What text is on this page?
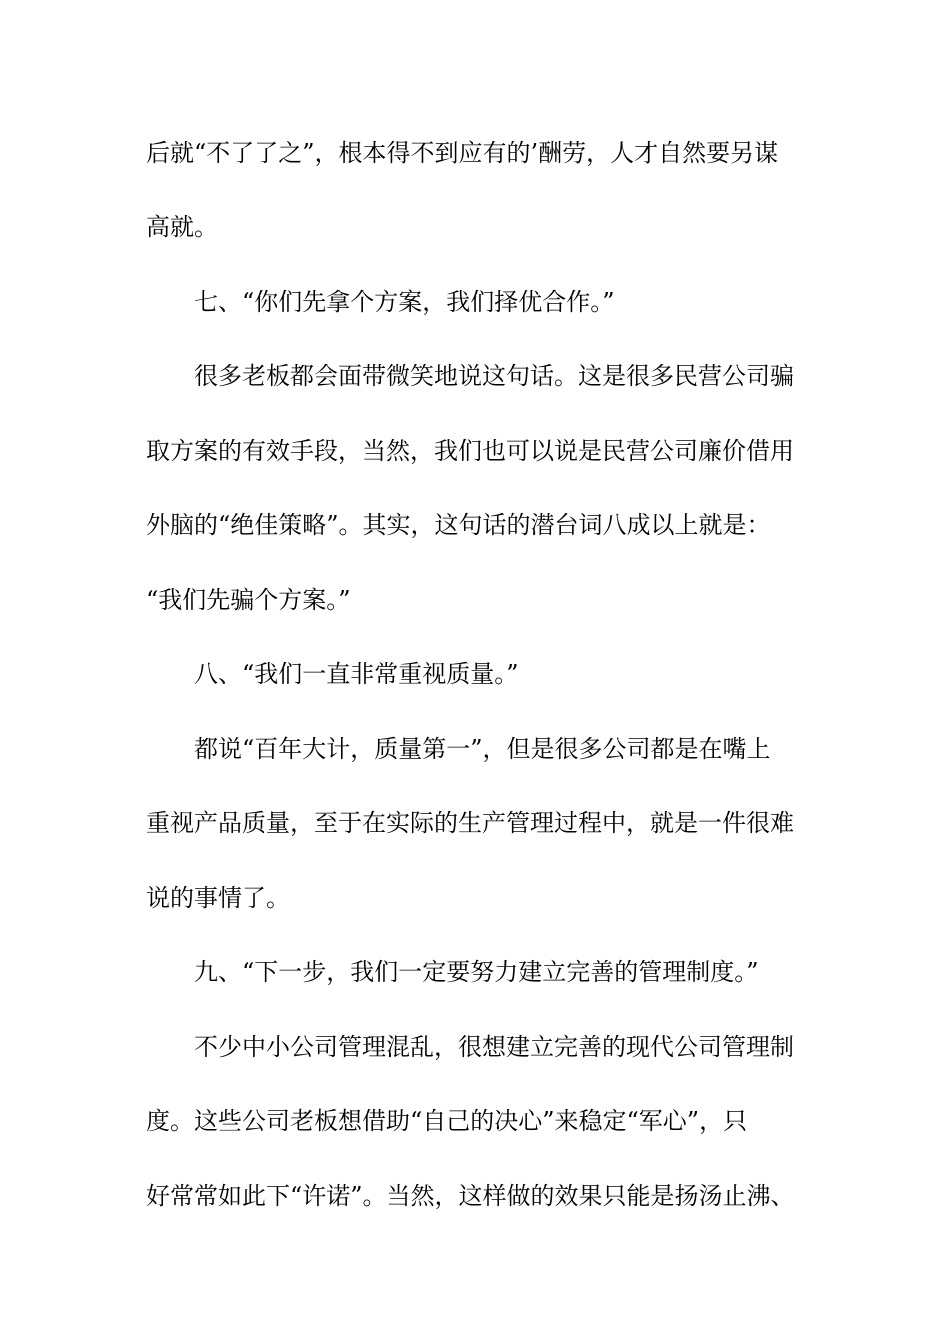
后就“不了了之”，根本得不到应有的’酬劳，人才自然要另谋
高就。
　　七、“你们先拿个方案，我们择优合作。”
　　很多老板都会面带微笑地说这句话。这是很多民营公司骗
取方案的有效手段，当然，我们也可以说是民营公司廉价借用
外脑的“绝佳策略”。其实，这句话的潜台词八成以上就是：
“我们先骗个方案。”
　　八、“我们一直非常重视质量。”
　　都说“百年大计，质量第一”，但是很多公司都是在嘴上
重视产品质量，至于在实际的生产管理过程中，就是一件很难
说的事情了。
　　九、“下一步，我们一定要努力建立完善的管理制度。”
　　不少中小公司管理混乱，很想建立完善的现代公司管理制
度。这些公司老板想借助“自己的决心”来稳定“军心”，只
好常常如此下“许诺”。当然，这样做的效果只能是扬汤止沸、
